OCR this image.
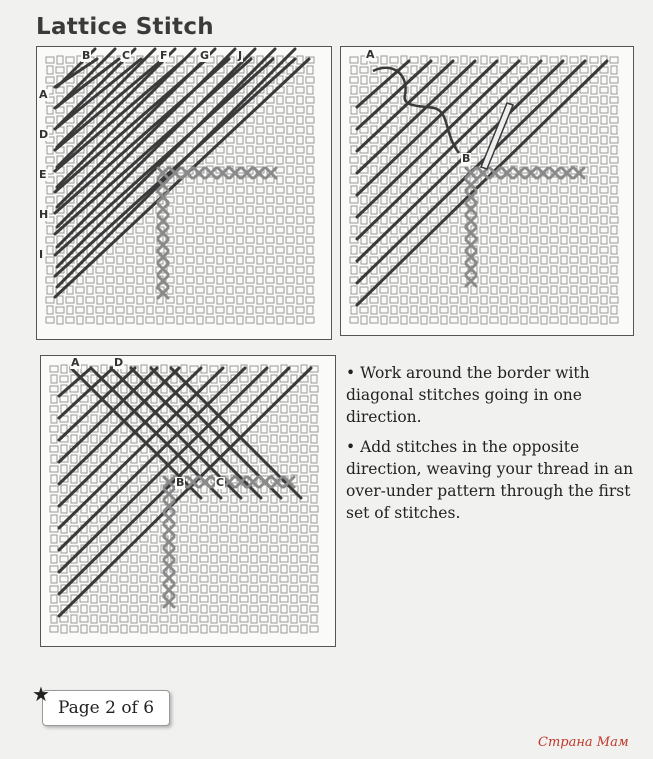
Lattice Stitch
B	C	F	G	J
A
D
E
H
I
A
B
A	D
B	C
• Work around the border with diagonal stitches going in one direction.
• Add stitches in the opposite direction, weaving your thread in an over-under pattern through the first set of stitches.
Page 2 of 6
★
Страна Мам
